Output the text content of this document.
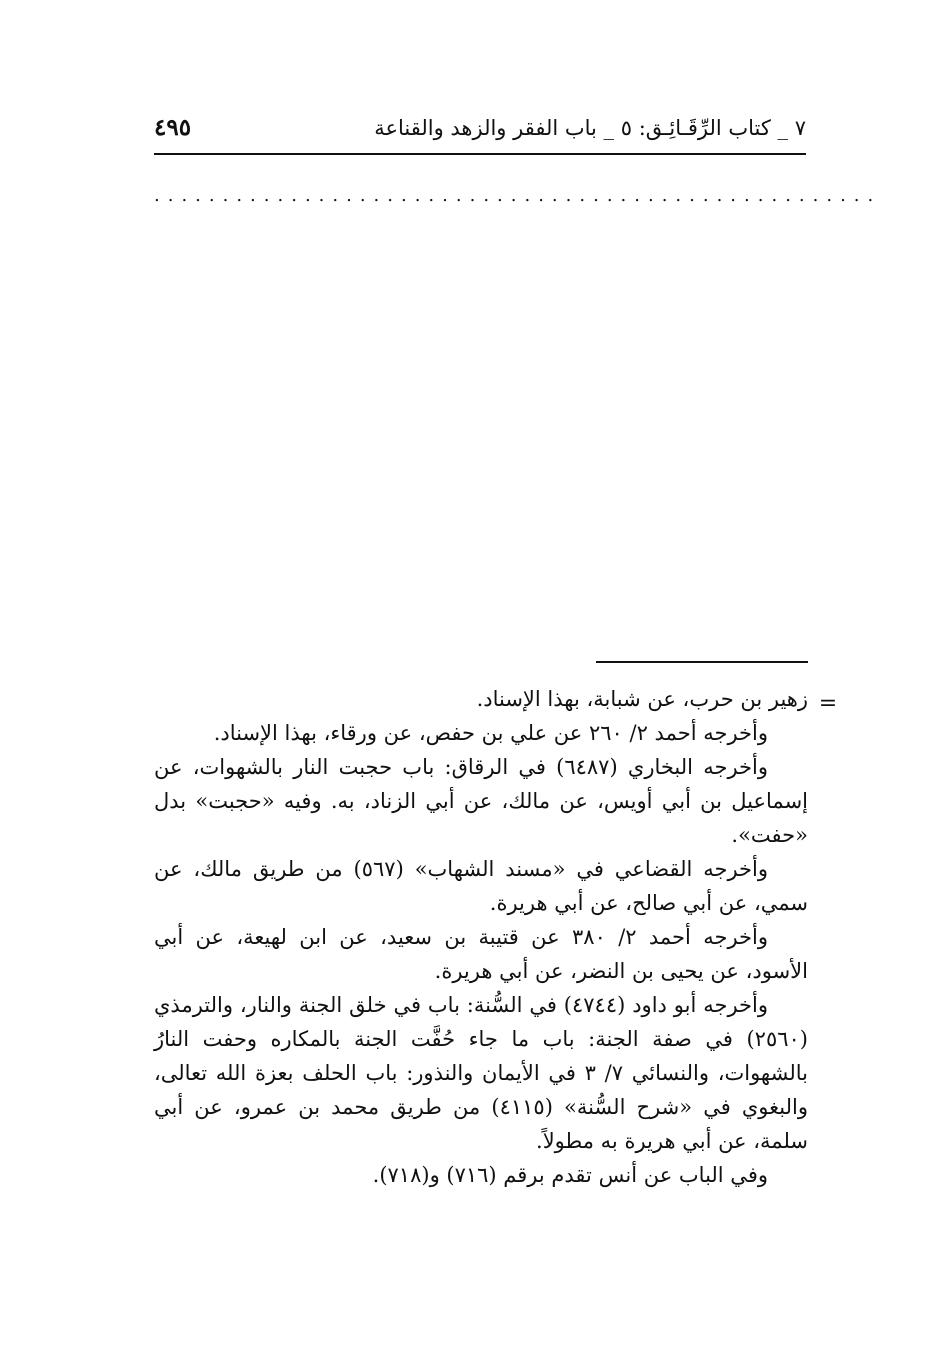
٧ _ كتاب الرِّقَـائِـق: ٥ _ باب الفقر والزهد والقناعة
٤٩٥
.....................................................
=

زهير بن حرب، عن شبابة، بهذا الإسناد.

وأخرجه أحمد ٢/ ٢٦٠ عن علي بن حفص، عن ورقاء، بهذا الإسناد.

وأخرجه البخاري (٦٤٨٧) في الرقاق: باب حجبت النار بالشهوات، عن إسماعيل بن أبي أويس، عن مالك، عن أبي الزناد، به. وفيه «حجبت» بدل «حفت».

وأخرجه القضاعي في «مسند الشهاب» (٥٦٧) من طريق مالك، عن سمي، عن أبي صالح، عن أبي هريرة.

وأخرجه أحمد ٢/ ٣٨٠ عن قتيبة بن سعيد، عن ابن لهيعة، عن أبي الأسود، عن يحيى بن النضر، عن أبي هريرة.

وأخرجه أبو داود (٤٧٤٤) في السُّنة: باب في خلق الجنة والنار، والترمذي (٢٥٦٠) في صفة الجنة: باب ما جاء حُفَّت الجنة بالمكاره وحفت النارُ بالشهوات، والنسائي ٧/ ٣ في الأيمان والنذور: باب الحلف بعزة الله تعالى، والبغوي في «شرح السُّنة» (٤١١٥) من طريق محمد بن عمرو، عن أبي سلمة، عن أبي هريرة به مطولاً.

وفي الباب عن أنس تقدم برقم (٧١٦) و(٧١٨).
